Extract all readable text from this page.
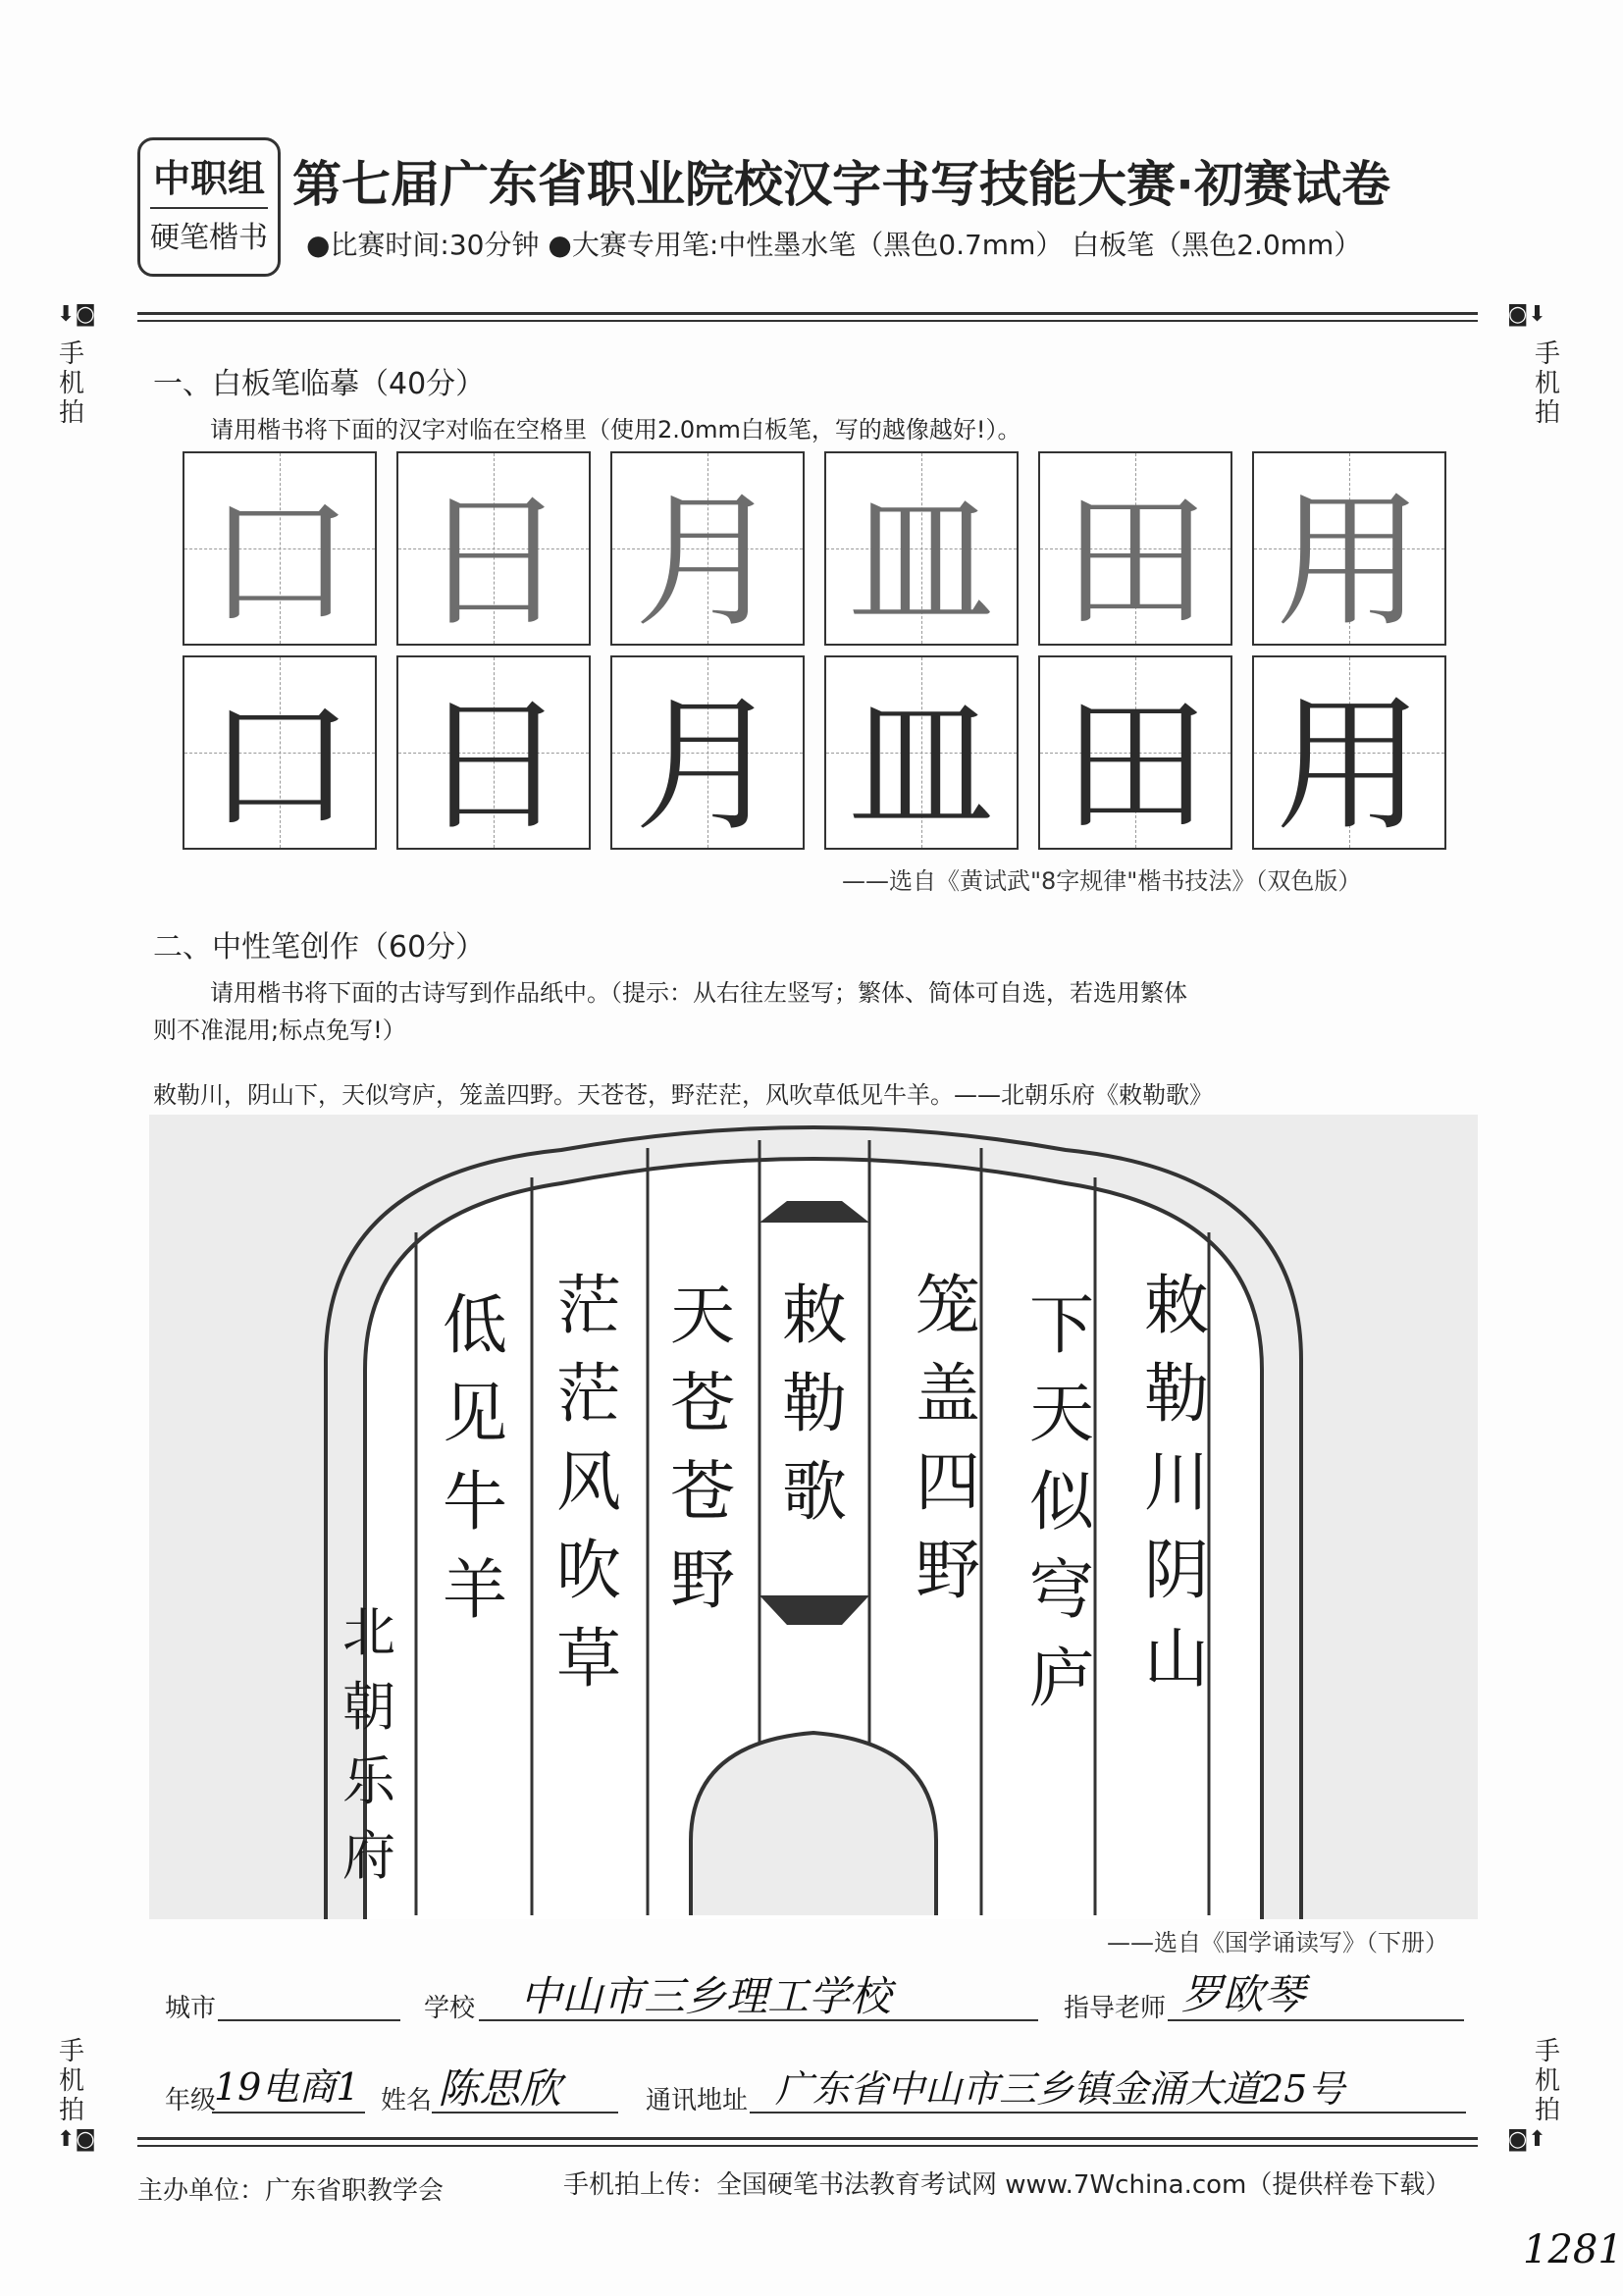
中职组
硬笔楷书
第七届广东省职业院校汉字书写技能大赛·初赛试卷
●比赛时间:30分钟 ●大赛专用笔:中性墨水笔（黑色0.7mm） 白板笔（黑色2.0mm）
⬇◙
手机拍
◙⬇
手机拍
手机拍
⬆◙
手机拍
◙⬆
一、白板笔临摹（40分）
请用楷书将下面的汉字对临在空格里（使用2.0mm白板笔，写的越像越好!）。
口 日 月 皿 田 用
口 日 月 皿 田 用
——选自《黄试武"8字规律"楷书技法》（双色版）
二、中性笔创作（60分）
请用楷书将下面的古诗写到作品纸中。（提示：从右往左竖写；繁体、简体可自选，若选用繁体
则不准混用;标点免写!）
敕勒川，阴山下，天似穹庐，笼盖四野。天苍苍，野茫茫，风吹草低见牛羊。——北朝乐府《敕勒歌》
敕勒川阴山
下天似穹庐
笼盖四野
敕勒歌
天苍苍野
茫茫风吹草
低见牛羊
北朝乐府
——选自《国学诵读写》（下册）
城市	学校 中山市三乡理工学校	指导老师 罗欧琴
年级
19电商1 姓名 陈思欣	通讯地址 广东省中山市三乡镇金涌大道25号
主办单位：广东省职教学会	手机拍上传：全国硬笔书法教育考试网 www.7Wchina.com（提供样卷下载）
1281
